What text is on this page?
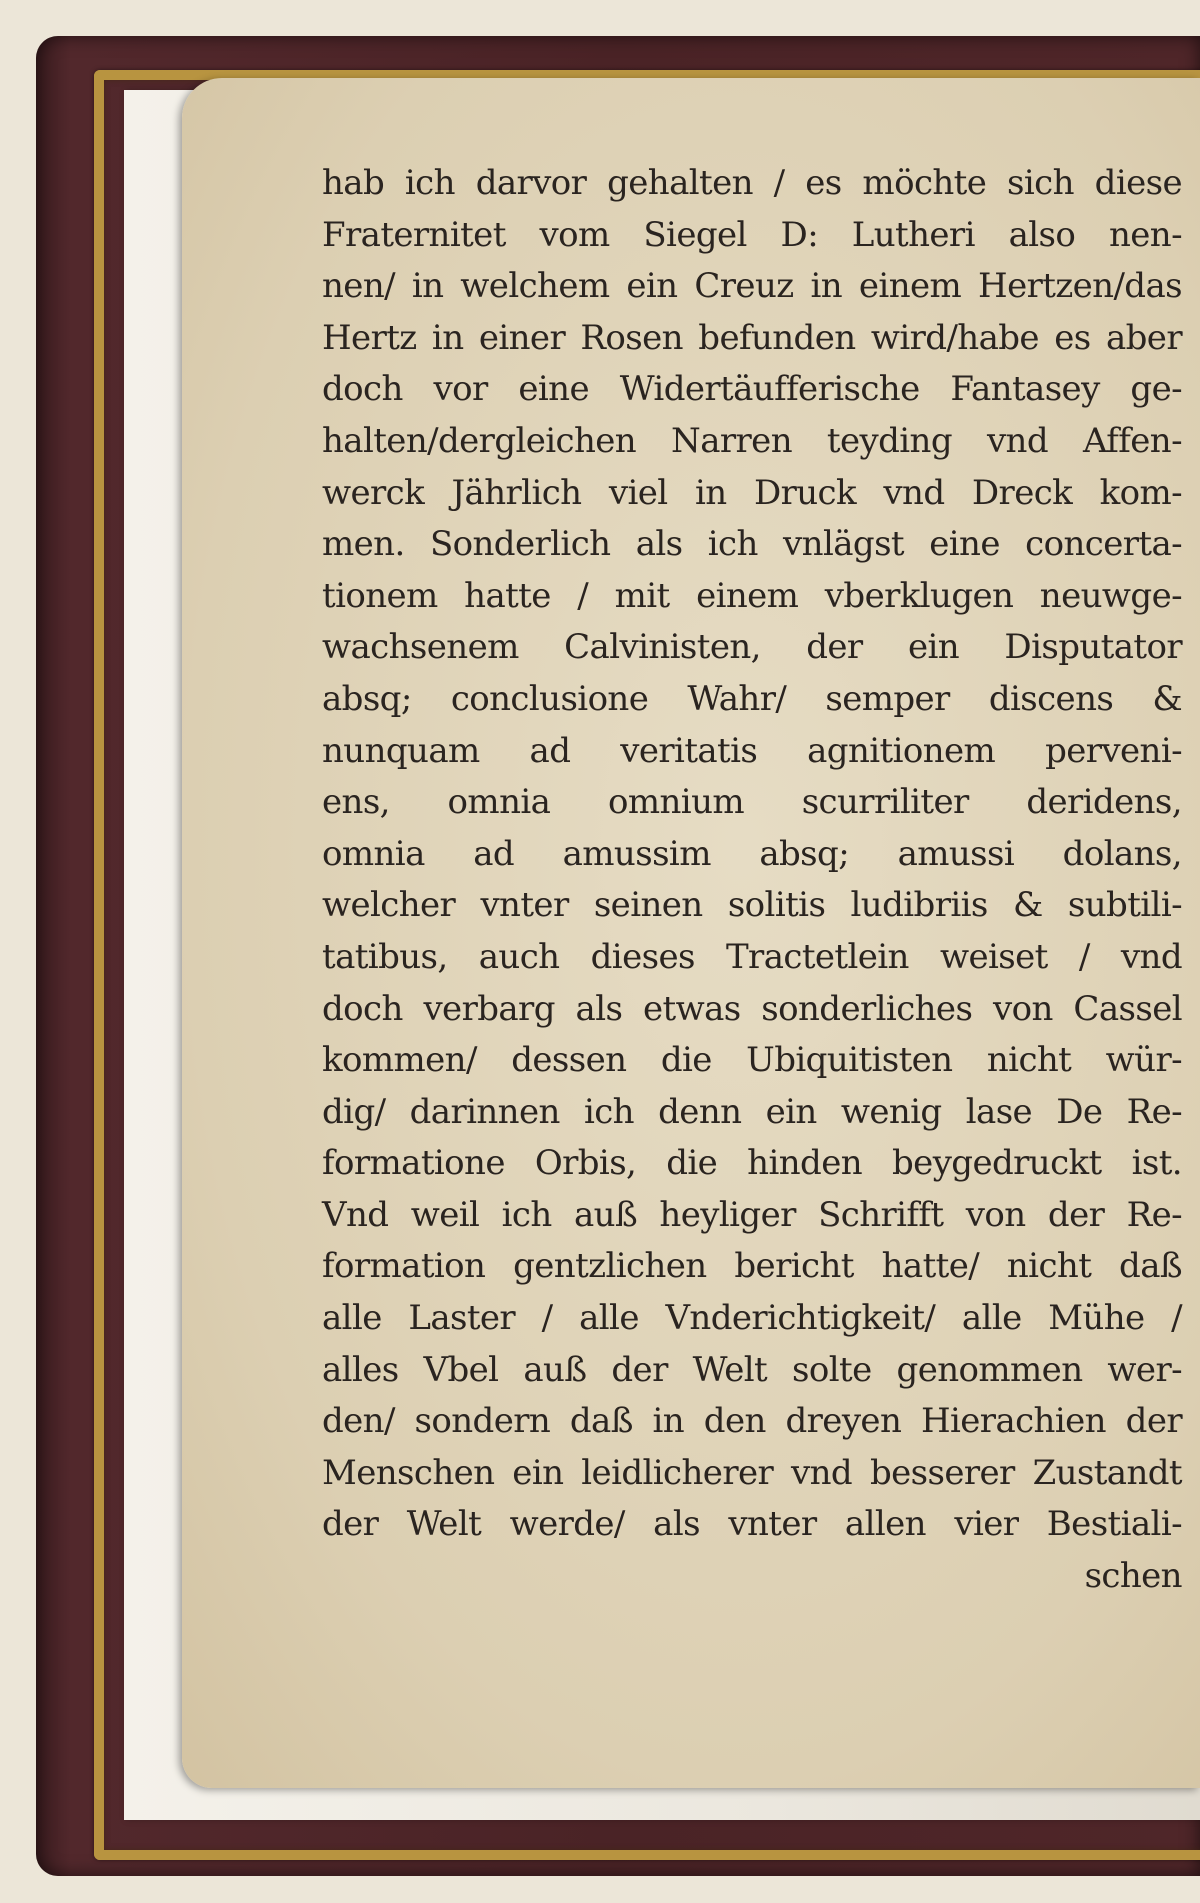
hab ich darvor gehalten / es möchte sich diese
Fraternitet vom Siegel D: Lutheri also nen-
nen/ in welchem ein Creuz in einem Hertzen/das
Hertz in einer Rosen befunden wird/habe es aber
doch vor eine Widertäufferische Fantasey ge-
halten/dergleichen Narren teyding vnd Affen-
werck Jährlich viel in Druck vnd Dreck kom-
men. Sonderlich als ich vnlägst eine concerta-
tionem hatte / mit einem vberklugen neuwge-
wachsenem Calvinisten, der ein Disputator
absq; conclusione Wahr/ semper discens &
nunquam ad veritatis agnitionem perveni-
ens, omnia omnium scurriliter deridens,
omnia ad amussim absq; amussi dolans,
welcher vnter seinen solitis ludibriis & subtili-
tatibus, auch dieses Tractetlein weiset / vnd
doch verbarg als etwas sonderliches von Cassel
kommen/ dessen die Ubiquitisten nicht wür-
dig/ darinnen ich denn ein wenig lase De Re-
formatione Orbis, die hinden beygedruckt ist.
Vnd weil ich auß heyliger Schrifft von der Re-
formation gentzlichen bericht hatte/ nicht daß
alle Laster / alle Vnderichtigkeit/ alle Mühe /
alles Vbel auß der Welt solte genommen wer-
den/ sondern daß in den dreyen Hierachien der
Menschen ein leidlicherer vnd besserer Zustandt
der Welt werde/ als vnter allen vier Bestiali-
schen
